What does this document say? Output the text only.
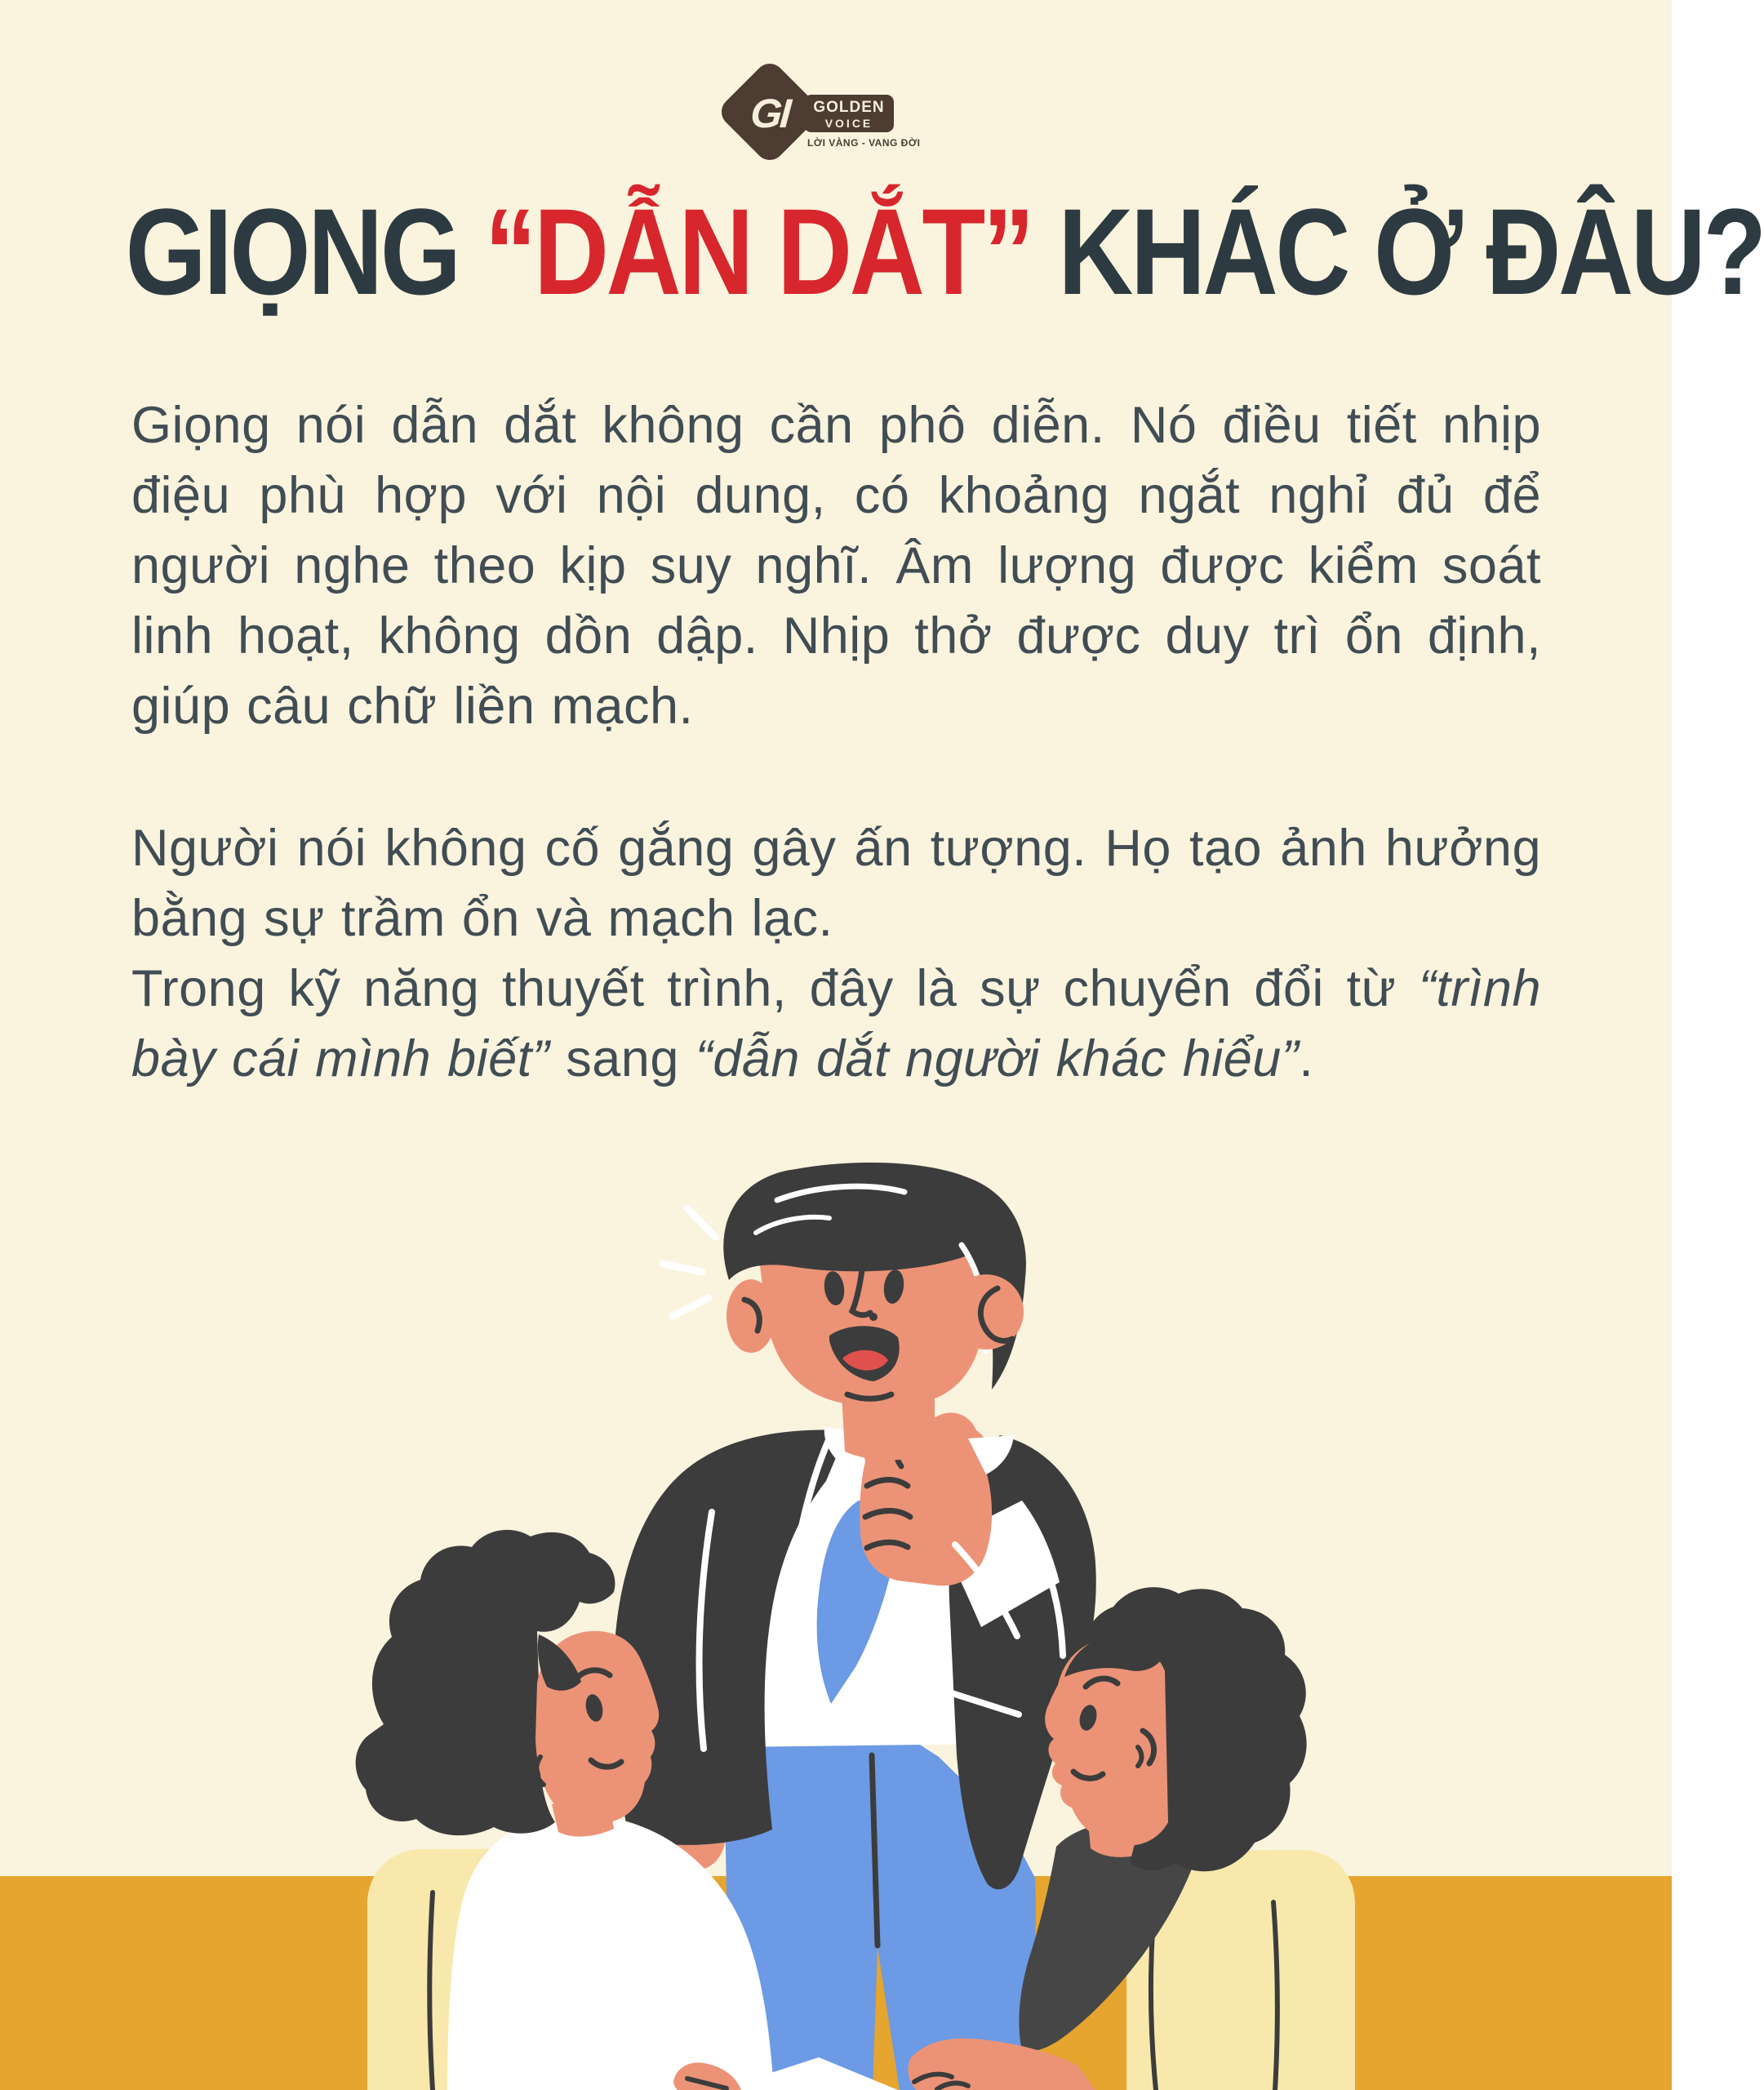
GI	GOLDEN
VOICE
LỜI VÀNG - VANG ĐỜI
GIỌNG “DẪN DẮT” KHÁC Ở ĐÂU?

Giọng nói dẫn dắt không cần phô diễn. Nó điều tiết nhịp điệu phù hợp với nội dung, có khoảng ngắt nghỉ đủ để người nghe theo kịp suy nghĩ. Âm lượng được kiểm soát linh hoạt, không dồn dập. Nhịp thở được duy trì ổn định, giúp câu chữ liền mạch.

Người nói không cố gắng gây ấn tượng. Họ tạo ảnh hưởng bằng sự trầm ổn và mạch lạc.

Trong kỹ năng thuyết trình, đây là sự chuyển đổi từ “trình bày cái mình biết” sang “dẫn dắt người khác hiểu”.
